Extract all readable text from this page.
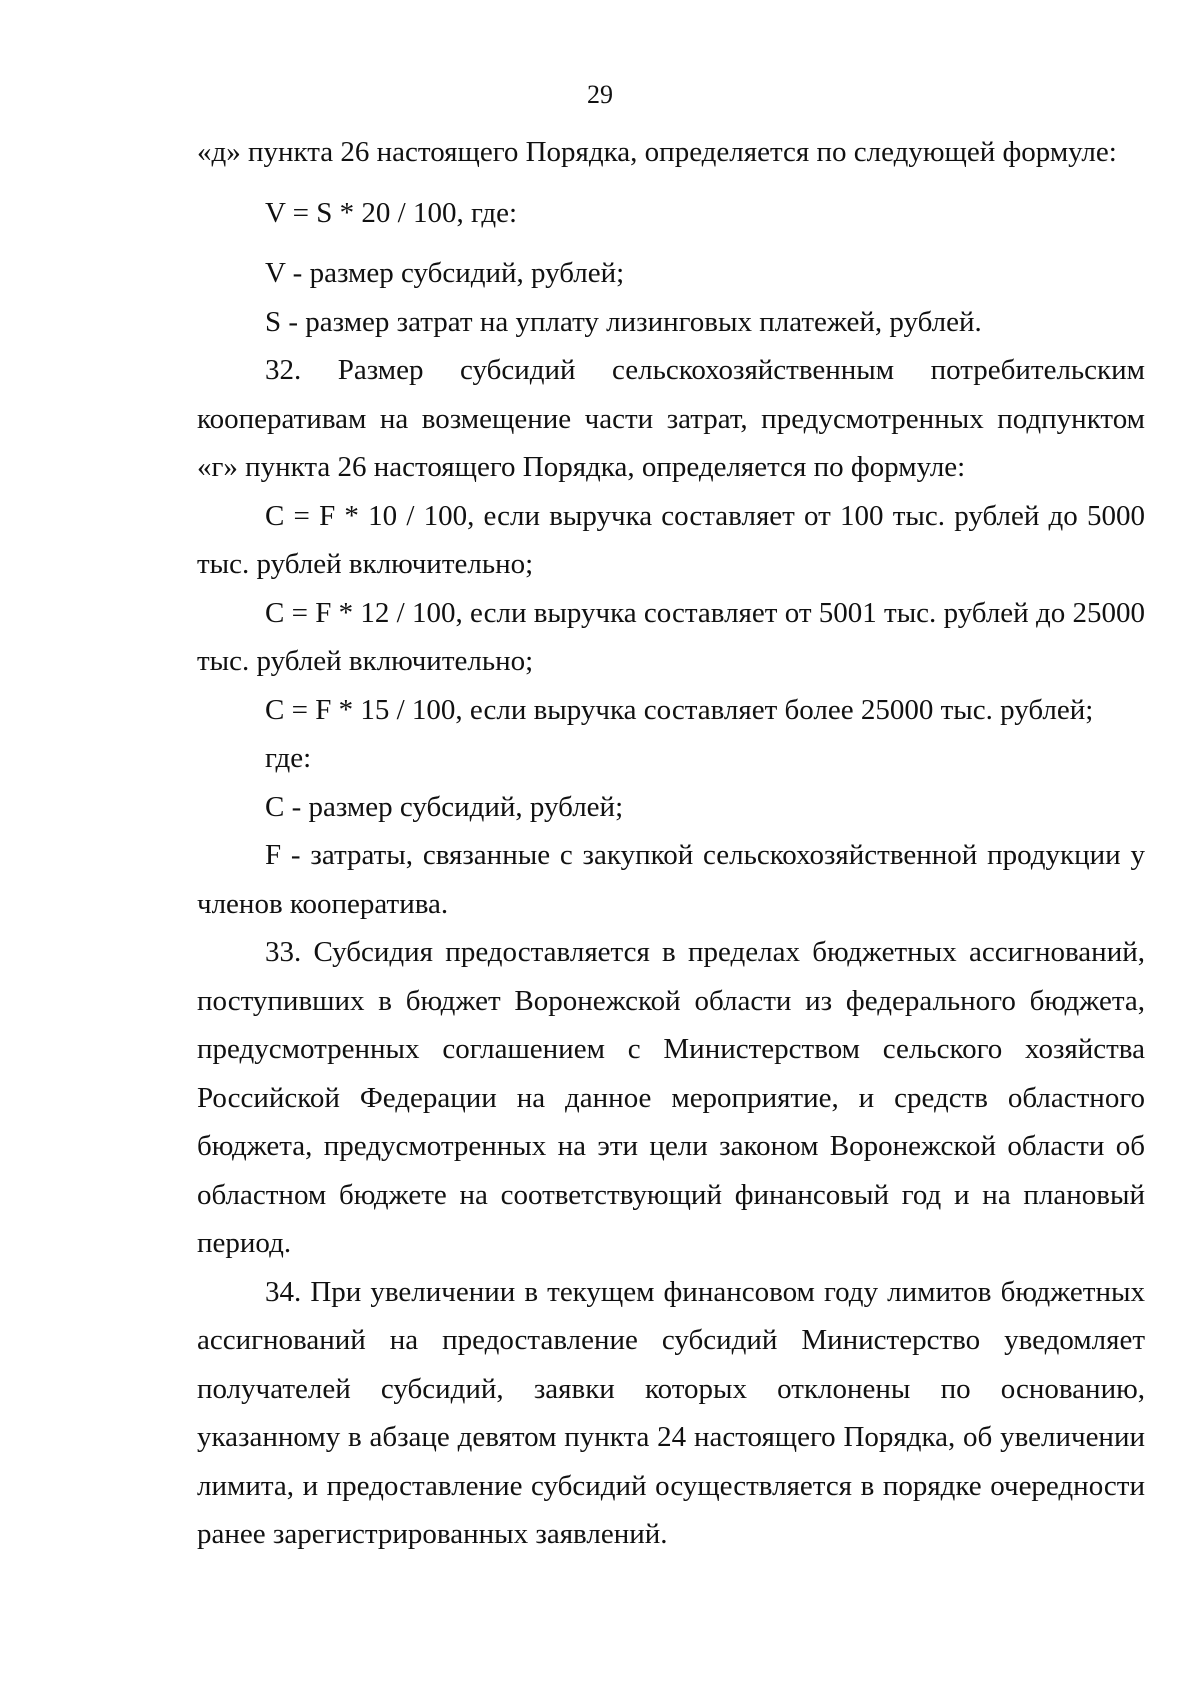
29

«д» пункта 26 настоящего Порядка, определяется по следующей формуле:

V = S * 20 / 100, где:

V - размер субсидий, рублей;

S - размер затрат на уплату лизинговых платежей, рублей.

32. Размер субсидий сельскохозяйственным потребительским кооперативам на возмещение части затрат, предусмотренных подпунктом «г» пункта 26 настоящего Порядка, определяется по формуле:

C = F * 10 / 100, если выручка составляет от 100 тыс. рублей до 5000 тыс. рублей включительно;

C = F * 12 / 100, если выручка составляет от 5001 тыс. рублей до 25000 тыс. рублей включительно;

C = F * 15 / 100, если выручка составляет более 25000 тыс. рублей;

где:

C - размер субсидий, рублей;

F - затраты, связанные с закупкой сельскохозяйственной продукции у членов кооператива.

33. Субсидия предоставляется в пределах бюджетных ассигнований, поступивших в бюджет Воронежской области из федерального бюджета, предусмотренных соглашением с Министерством сельского хозяйства Российской Федерации на данное мероприятие, и средств областного бюджета, предусмотренных на эти цели законом Воронежской области об областном бюджете на соответствующий финансовый год и на плановый период.

34. При увеличении в текущем финансовом году лимитов бюджетных ассигнований на предоставление субсидий Министерство уведомляет получателей субсидий, заявки которых отклонены по основанию, указанному в абзаце девятом пункта 24 настоящего Порядка, об увеличении лимита, и предоставление субсидий осуществляется в порядке очередности ранее зарегистрированных заявлений.
